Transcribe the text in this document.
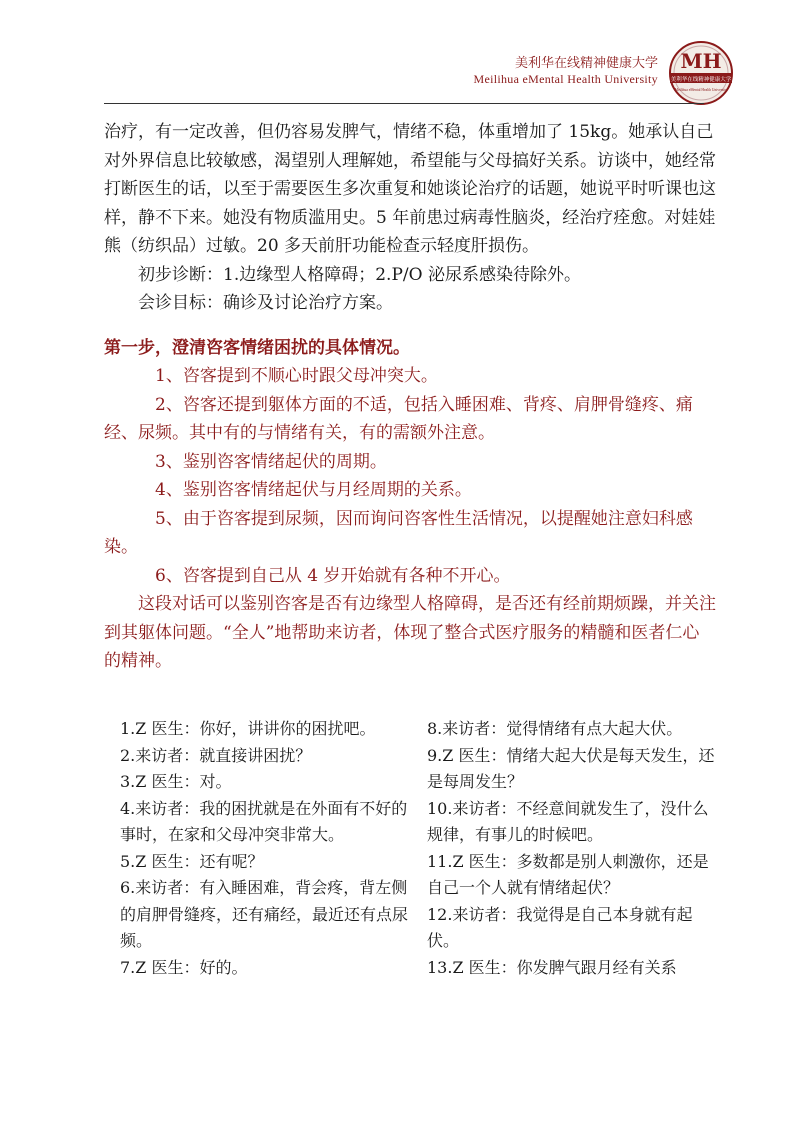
美利华在线精神健康大学
Meilihua eMental Health University
MH
美利华在线精神健康大学
Meilihua eMental Health University

治疗，有一定改善，但仍容易发脾气，情绪不稳，体重增加了 15kg。她承认自己对外界信息比较敏感，渴望别人理解她，希望能与父母搞好关系。访谈中，她经常打断医生的话，以至于需要医生多次重复和她谈论治疗的话题，她说平时听课也这样，静不下来。她没有物质滥用史。5 年前患过病毒性脑炎，经治疗痊愈。对娃娃熊（纺织品）过敏。20 多天前肝功能检查示轻度肝损伤。

初步诊断：1.边缘型人格障碍；2.P/O 泌尿系感染待除外。

会诊目标：确诊及讨论治疗方案。

第一步，澄清咨客情绪困扰的具体情况。

1、咨客提到不顺心时跟父母冲突大。

2、咨客还提到躯体方面的不适，包括入睡困难、背疼、肩胛骨缝疼、痛经、尿频。其中有的与情绪有关，有的需额外注意。

3、鉴别咨客情绪起伏的周期。

4、鉴别咨客情绪起伏与月经周期的关系。

5、由于咨客提到尿频，因而询问咨客性生活情况，以提醒她注意妇科感染。

6、咨客提到自己从 4 岁开始就有各种不开心。

这段对话可以鉴别咨客是否有边缘型人格障碍，是否还有经前期烦躁，并关注到其躯体问题。“全人”地帮助来访者，体现了整合式医疗服务的精髓和医者仁心的精神。

1.Z 医生：你好，讲讲你的困扰吧。

2.来访者：就直接讲困扰？

3.Z 医生：对。

4.来访者：我的困扰就是在外面有不好的事时，在家和父母冲突非常大。

5.Z 医生：还有呢？

6.来访者：有入睡困难，背会疼，背左侧的肩胛骨缝疼，还有痛经，最近还有点尿频。

7.Z 医生：好的。

8.来访者：觉得情绪有点大起大伏。

9.Z 医生：情绪大起大伏是每天发生，还是每周发生？

10.来访者：不经意间就发生了，没什么规律，有事儿的时候吧。

11.Z 医生：多数都是别人刺激你，还是自己一个人就有情绪起伏？

12.来访者：我觉得是自己本身就有起伏。

13.Z 医生：你发脾气跟月经有关系
